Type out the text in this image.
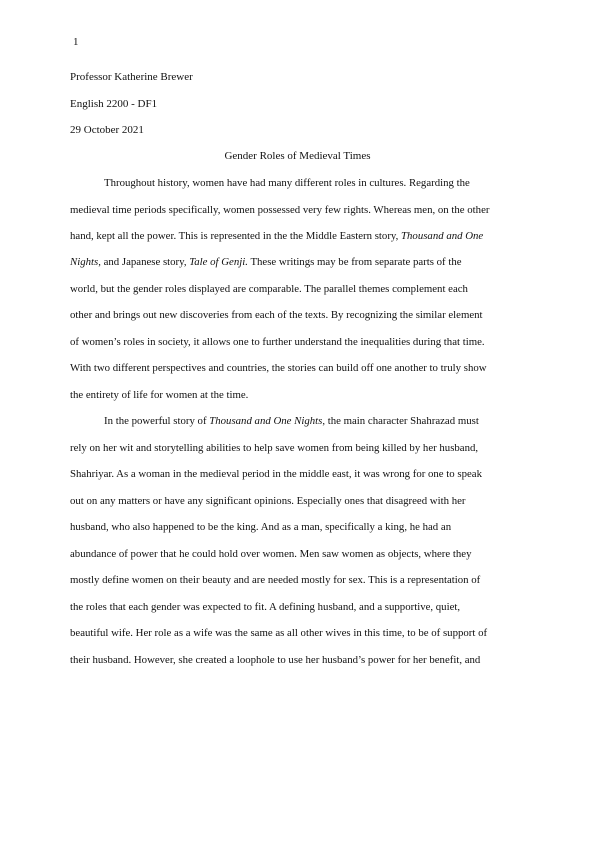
1
Professor Katherine Brewer
English 2200 - DF1
29 October 2021
Gender Roles of Medieval Times
Throughout history, women have had many different roles in cultures. Regarding the
medieval time periods specifically, women possessed very few rights. Whereas men, on the other
hand, kept all the power. This is represented in the the Middle Eastern story, Thousand and One
Nights, and Japanese story, Tale of Genji. These writings may be from separate parts of the
world, but the gender roles displayed are comparable. The parallel themes complement each
other and brings out new discoveries from each of the texts. By recognizing the similar element
of women’s roles in society, it allows one to further understand the inequalities during that time.
With two different perspectives and countries, the stories can build off one another to truly show
the entirety of life for women at the time.
In the powerful story of Thousand and One Nights, the main character Shahrazad must
rely on her wit and storytelling abilities to help save women from being killed by her husband,
Shahriyar. As a woman in the medieval period in the middle east, it was wrong for one to speak
out on any matters or have any significant opinions. Especially ones that disagreed with her
husband, who also happened to be the king. And as a man, specifically a king, he had an
abundance of power that he could hold over women. Men saw women as objects, where they
mostly define women on their beauty and are needed mostly for sex. This is a representation of
the roles that each gender was expected to fit. A defining husband, and a supportive, quiet,
beautiful wife. Her role as a wife was the same as all other wives in this time, to be of support of
their husband. However, she created a loophole to use her husband’s power for her benefit, and
